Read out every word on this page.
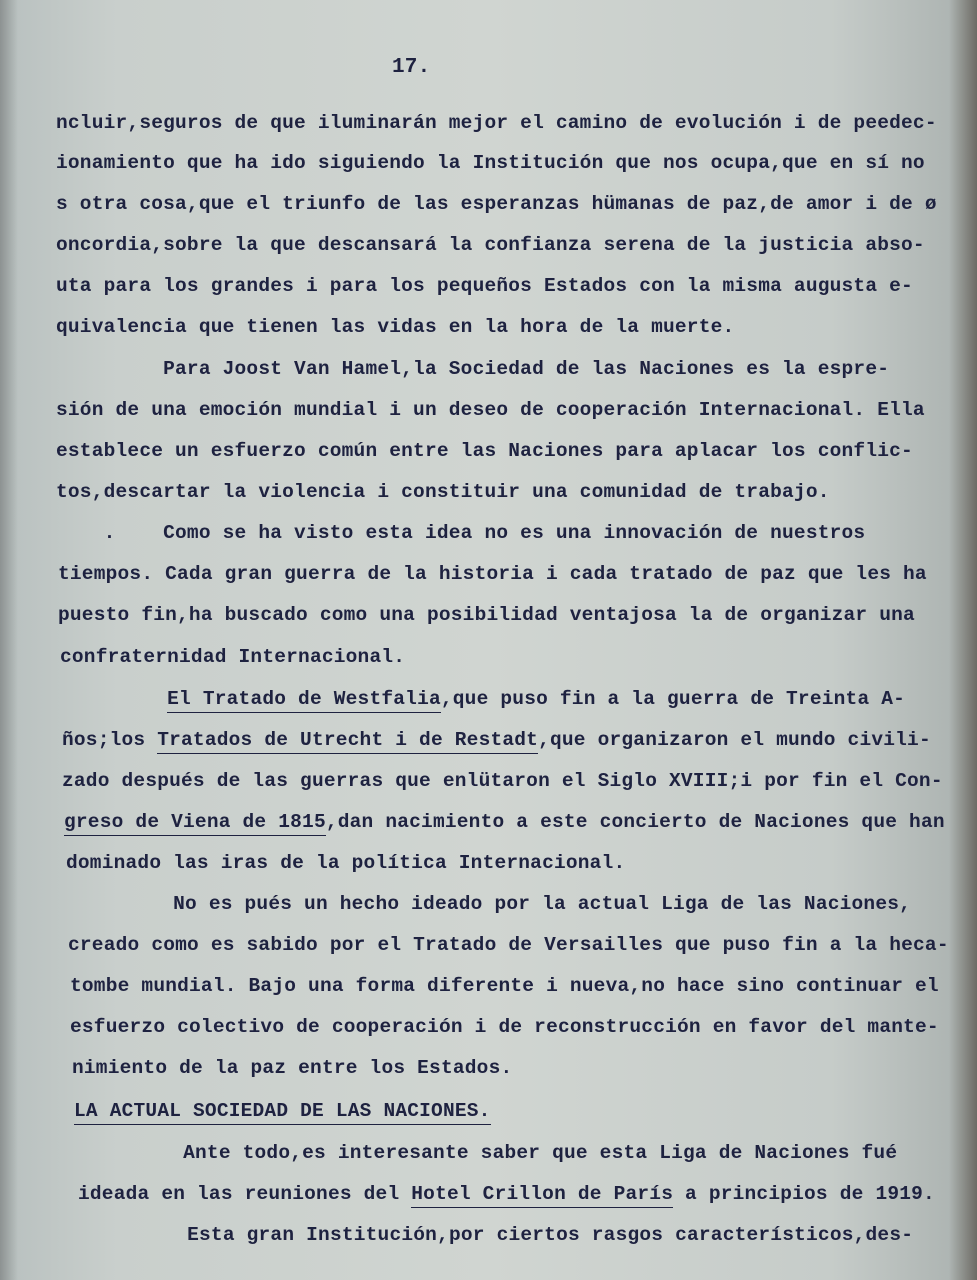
17.
ncluir,seguros de que iluminarán mejor el camino de evolución i de peedec-
ionamiento que ha ido siguiendo la Institución que nos ocupa,que en sí no
s otra cosa,que el triunfo de las esperanzas hümanas de paz,de amor i de ø
oncordia,sobre la que descansará la confianza serena de la justicia abso-
uta para los grandes i para los pequeños Estados con la misma augusta e-
quivalencia que tienen las vidas en la hora de la muerte.
Para Joost Van Hamel,la Sociedad de las Naciones es la espre-
sión de una emoción mundial i un deseo de cooperación Internacional. Ella
establece un esfuerzo común entre las Naciones para aplacar los conflic-
tos,descartar la violencia i constituir una comunidad de trabajo.
.    Como se ha visto esta idea no es una innovación de nuestros
tiempos. Cada gran guerra de la historia i cada tratado de paz que les ha
puesto fin,ha buscado como una posibilidad ventajosa la de organizar una
confraternidad Internacional.
El Tratado de Westfalia,que puso fin a la guerra de Treinta A-
ños;los Tratados de Utrecht i de Restadt,que organizaron el mundo civili-
zado después de las guerras que enlütaron el Siglo XVIII;i por fin el Con-
greso de Viena de 1815,dan nacimiento a este concierto de Naciones que han
dominado las iras de la política Internacional.
No es pués un hecho ideado por la actual Liga de las Naciones,
creado como es sabido por el Tratado de Versailles que puso fin a la heca-
tombe mundial. Bajo una forma diferente i nueva,no hace sino continuar el
esfuerzo colectivo de cooperación i de reconstrucción en favor del mante-
nimiento de la paz entre los Estados.
LA ACTUAL SOCIEDAD DE LAS NACIONES.
Ante todo,es interesante saber que esta Liga de Naciones fué
ideada en las reuniones del Hotel Crillon de París a principios de 1919.
Esta gran Institución,por ciertos rasgos característicos,des-
